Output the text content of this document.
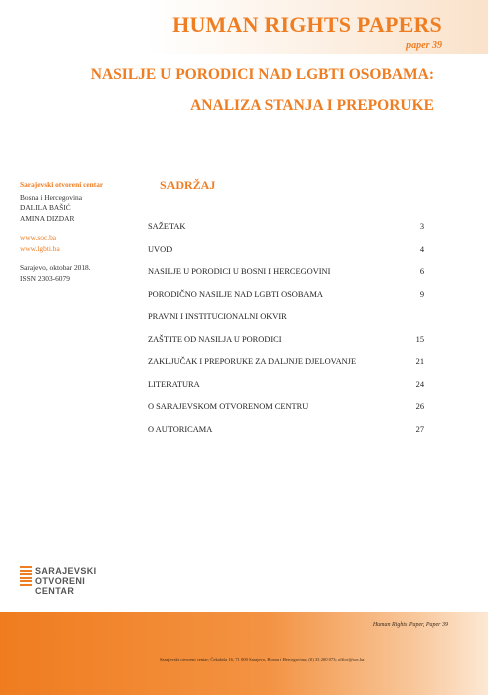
HUMAN RIGHTS PAPERS
paper 39
NASILJE U PORODICI NAD LGBTI OSOBAMA:
ANALIZA STANJA I PREPORUKE
Sarajevski otvoreni centar
Bosna i Hercegovina
DALILA BAŠIĆ
AMINA DIZDAR
www.soc.ba
www.lgbti.ba
Sarajevo, oktobar 2018.
ISSN 2303-6079
SADRŽAJ
SAŽETAK	3
UVOD	4
NASILJE U PORODICI U BOSNI I HERCEGOVINI	6
PORODIČNO NASILJE NAD LGBTI OSOBAMA	9
PRAVNI I INSTITUCIONALNI OKVIR
ZAŠTITE OD NASILJA U PORODICI	15
ZAKLJUČAK I PREPORUKE ZA DALJNJE DJELOVANJE	21
LITERATURA	24
O SARAJEVSKOM OTVORENOM CENTRU	26
O AUTORICAMA	27
SARAJEVSKI
OTVORENI
CENTAR
Human Rights Paper, Paper 39
Sarajevski otvoreni centar; Čekaluša 16, 71 000 Sarajevo, Bosna i Hercegovina; (0) 33 200 073; office@soc.ba
